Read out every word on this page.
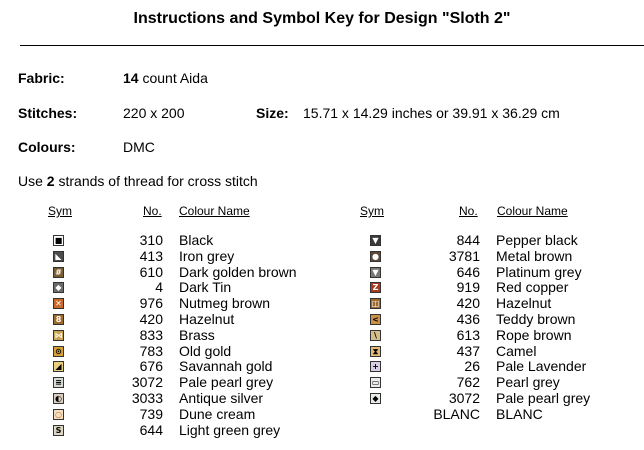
Instructions and Symbol Key for Design "Sloth 2"
Fabric:	14 count Aida
Stitches:	220 x 200	Size: 15.71 x 14.29 inches or 39.91 x 36.29 cm
Colours:	DMC
Use 2 strands of thread for cross stitch
Sym	No. Colour Name	Sym	No. Colour Name
■	310 Black
◣	413 Iron grey
#	610 Dark golden brown
◆	4 Dark Tin
✕	976 Nutmeg brown
8	420 Hazelnut
⋈	833 Brass
⊙	783 Old gold
◢	676 Savannah gold
≡	3072 Pale pearl grey
◐	3033 Antique silver
○	739 Dune cream
S	644 Light green grey
▼	844 Pepper black
●	3781 Metal brown
▼	646 Platinum grey
Z	919 Red copper
◫	420 Hazelnut
<	436 Teddy brown
\	613 Rope brown
⧗	437 Camel
+	26 Pale Lavender
▭	762 Pearl grey
◆	3072 Pale pearl grey
BLANC BLANC
